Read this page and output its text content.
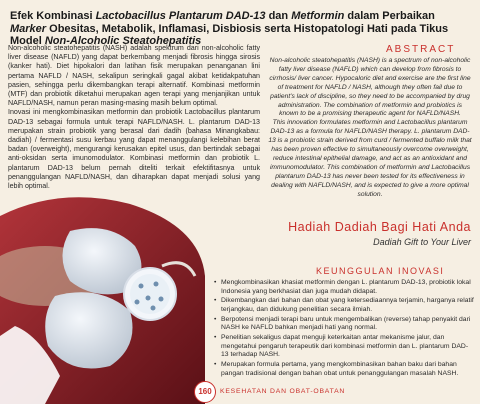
Efek Kombinasi Lactobacillus Plantarum DAD-13 dan Metformin dalam Perbaikan Marker Obesitas, Metabolik, Inflamasi, Disbiosis serta Histopatologi Hati pada Tikus Model Non-Alcoholic Steatohepatitis

Non-alcoholic steatohepatitis (NASH) adalah spektrum dari non-alcoholic fatty liver disease (NAFLD) yang dapat berkembang menjadi fibrosis hingga sirosis (kanker hati). Diet hipokalori dan latihan fisik merupakan penanganan lini pertama NAFLD / NASH, sekalipun seringkali gagal akibat ketidakpatuhan pasien, sehingga perlu dikembangkan terapi alternatif. Kombinasi metformin (MTF) dan probiotik diketahui merupakan agen terapi yang menjanjikan untuk NAFLD/NASH, namun peran masing-masing masih belum optimal.

Inovasi ini mengkombinasikan metformin dan probiotik Lactobacillus plantarum DAD-13 sebagai formula untuk terapi NAFLD/NASH. L. plantarum DAD-13 merupakan strain probiotik yang berasal dari dadih (bahasa Minangkabau: dadiah) / fermentasi susu kerbau yang dapat menanggulangi kelebihan berat badan (overweight), mengurangi kerusakan epitel usus, dan bertindak sebagai anti-oksidan serta imunomodulator. Kombinasi metformin dan probiotik L. plantarum DAD-13 belum pernah diteliti terkait efektifitasnya untuk penanggulangan NAFLD/NASH, dan diharapkan dapat menjadi solusi yang lebih optimal.

ABSTRACT

Non-alcoholic steatohepatitis (NASH) is a spectrum of non-alcoholic fatty liver disease (NAFLD) which can develop from fibrosis to cirrhosis/ liver cancer. Hypocaloric diet and exercise are the first line of treatment for NAFLD / NASH, although they often fail due to patient's lack of discipline, so they need to be accompanied by drug administration. The combination of metformin and probiotics is known to be a promising therapeutic agent for NAFLD/NASH.

This innovation formulates metformin and Lactobacillus plantarum DAD-13 as a formula for NAFLD/NASH therapy. L. plantarum DAD-13 is a probiotic strain derived from curd / fermented buffalo milk that has been proven effective to simultaneously overcome overweight, reduce intestinal epithelial damage, and act as an antioxidant and immunomodulator. This combination of metformin and Lactobacillus plantarum DAD-13 has never been tested for its effectiveness in dealing with NAFLD/NASH, and is expected to give a more optimal solution.

Hadiah Dadiah Bagi Hati Anda
Dadiah Gift to Your Liver
KEUNGGULAN INOVASI
• Mengkombinasikan khasiat metformin dengan L. plantarum DAD-13, probiotik lokal Indonesia yang berkhasiat dan juga mudah didapat.
• Dikembangkan dari bahan dan obat yang ketersediaannya terjamin, harganya relatif terjangkau, dan didukung penelitian secara ilmiah.
• Berpotensi menjadi terapi baru untuk mengembalikan (reverse) tahap penyakit dari NASH ke NAFLD bahkan menjadi hati yang normal.
• Penelitian sekaligus dapat menguji keterkaitan antar mekanisme jalur, dan mengetahui pengaruh terapeutik dari kombinasi metformin dan L. plantarum DAD-13 terhadap NASH.
• Merupakan formula pertama, yang mengkombinasikan bahan baku dari bahan pangan tradisional dengan bahan obat untuk penanggulangan masalah NASH.
160	KESEHATAN DAN OBAT-OBATAN
